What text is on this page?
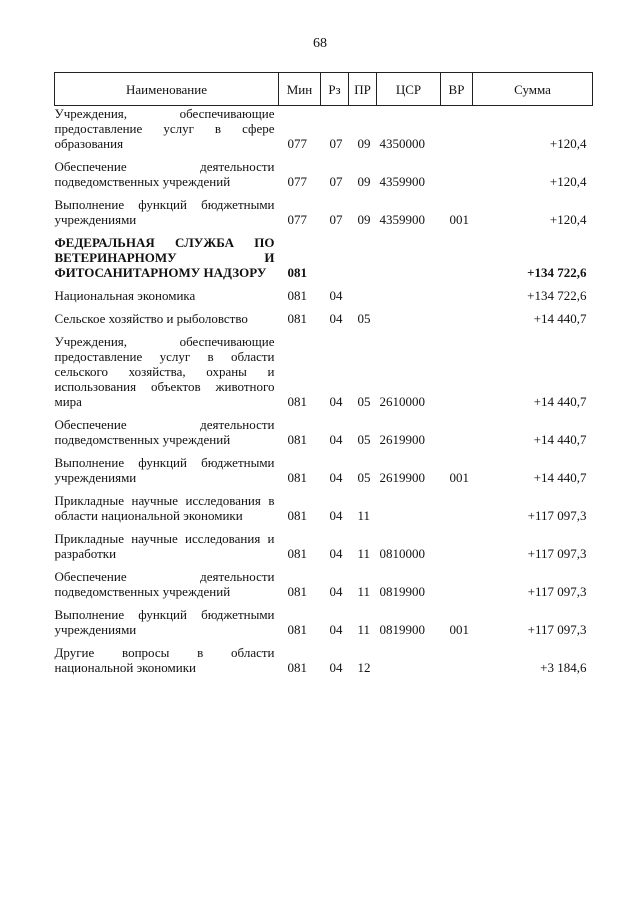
68
Наименование	Мин	Рз	ПР	ЦСР	ВР	Сумма
Учреждения, обеспечивающие предоставление услуг в сфере образования	077	07	09	4350000		+120,4

Обеспечение деятельности подведомственных учреждений	077	07	09	4359900		+120,4

Выполнение функций бюджетными учреждениями	077	07	09	4359900	001	+120,4

ФЕДЕРАЛЬНАЯ СЛУЖБА ПО ВЕТЕРИНАРНОМУ И ФИТОСАНИТАРНОМУ НАДЗОРУ	081					+134 722,6

Национальная экономика	081	04				+134 722,6

Сельское хозяйство и рыболовство	081	04	05			+14 440,7

Учреждения, обеспечивающие предоставление услуг в области сельского хозяйства, охраны и использования объектов животного мира	081	04	05	2610000		+14 440,7

Обеспечение деятельности подведомственных учреждений	081	04	05	2619900		+14 440,7

Выполнение функций бюджетными учреждениями	081	04	05	2619900	001	+14 440,7

Прикладные научные исследования в области национальной экономики	081	04	11			+117 097,3

Прикладные научные исследования и разработки	081	04	11	0810000		+117 097,3

Обеспечение деятельности подведомственных учреждений	081	04	11	0819900		+117 097,3

Выполнение функций бюджетными учреждениями	081	04	11	0819900	001	+117 097,3

Другие вопросы в области национальной экономики	081	04	12			+3 184,6
